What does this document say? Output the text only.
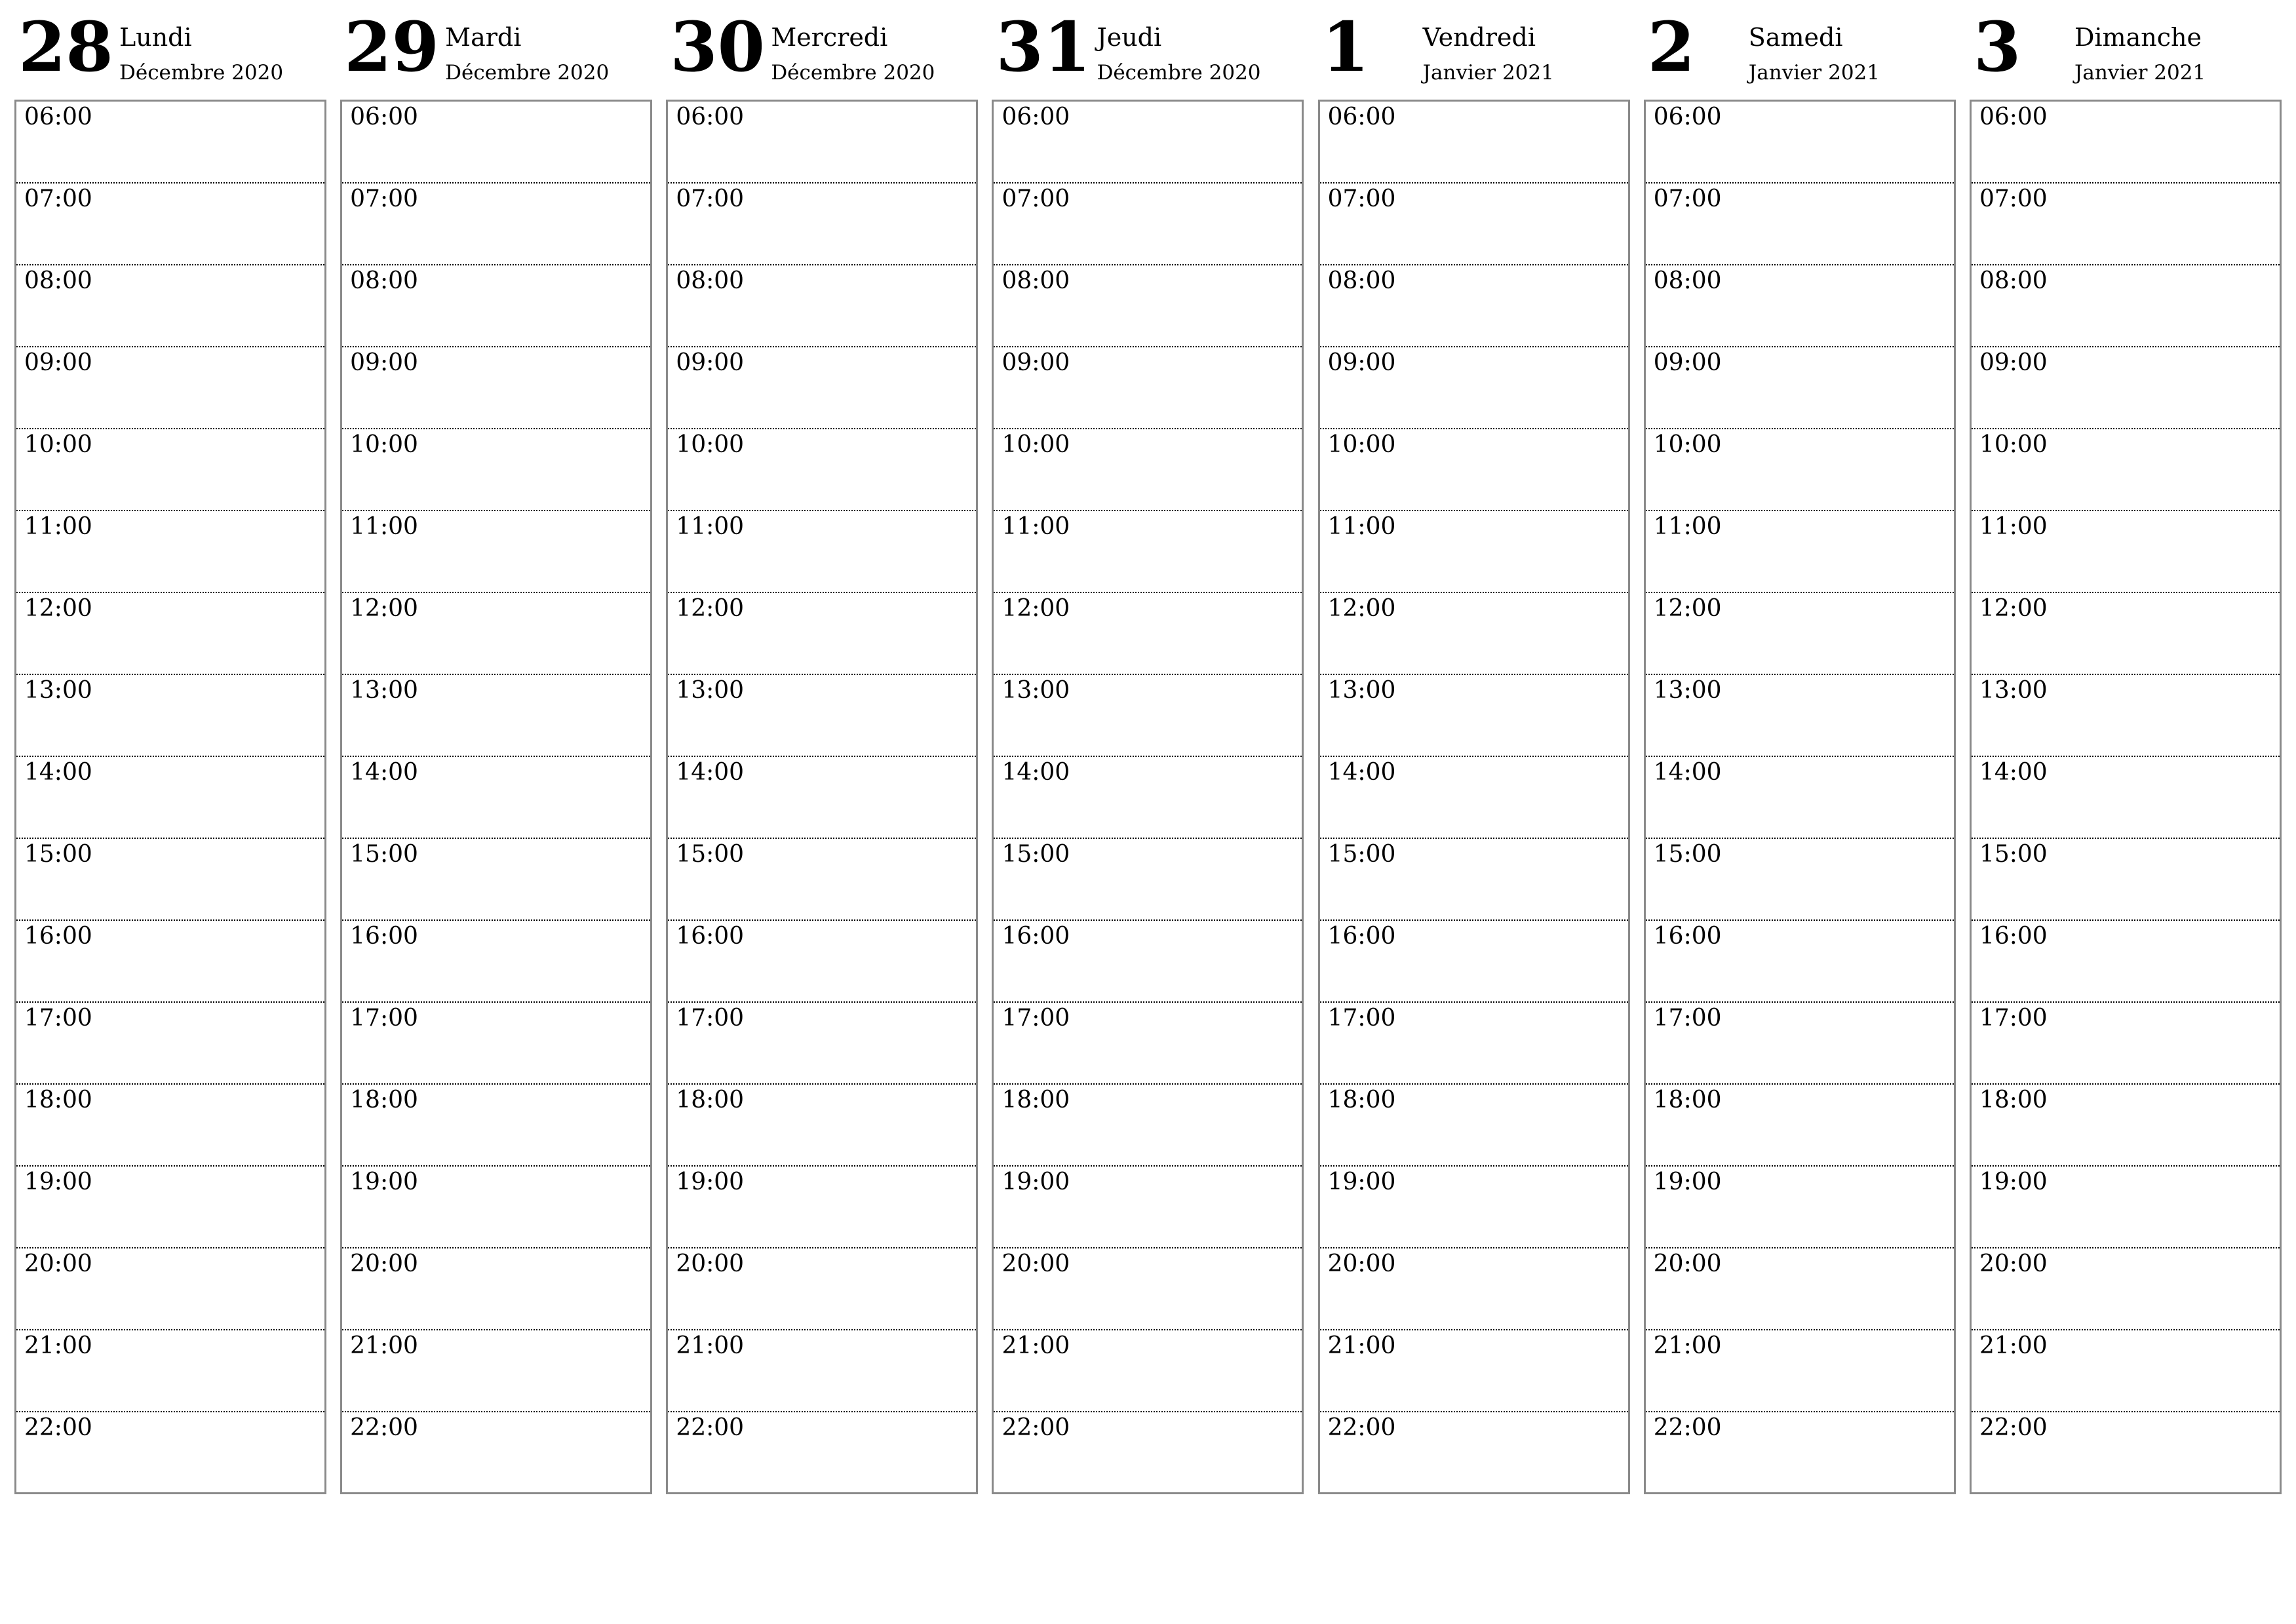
28 Lundi
Décembre 2020
06:00
07:00
08:00
09:00
10:00
11:00
12:00
13:00
14:00
15:00
16:00
17:00
18:00
19:00
20:00
21:00
22:00
29 Mardi
Décembre 2020
06:00
07:00
08:00
09:00
10:00
11:00
12:00
13:00
14:00
15:00
16:00
17:00
18:00
19:00
20:00
21:00
22:00
30 Mercredi
Décembre 2020
06:00
07:00
08:00
09:00
10:00
11:00
12:00
13:00
14:00
15:00
16:00
17:00
18:00
19:00
20:00
21:00
22:00
31 Jeudi
Décembre 2020
06:00
07:00
08:00
09:00
10:00
11:00
12:00
13:00
14:00
15:00
16:00
17:00
18:00
19:00
20:00
21:00
22:00
1 Vendredi
Janvier 2021
06:00
07:00
08:00
09:00
10:00
11:00
12:00
13:00
14:00
15:00
16:00
17:00
18:00
19:00
20:00
21:00
22:00
2 Samedi
Janvier 2021
06:00
07:00
08:00
09:00
10:00
11:00
12:00
13:00
14:00
15:00
16:00
17:00
18:00
19:00
20:00
21:00
22:00
3 Dimanche
Janvier 2021
06:00
07:00
08:00
09:00
10:00
11:00
12:00
13:00
14:00
15:00
16:00
17:00
18:00
19:00
20:00
21:00
22:00
